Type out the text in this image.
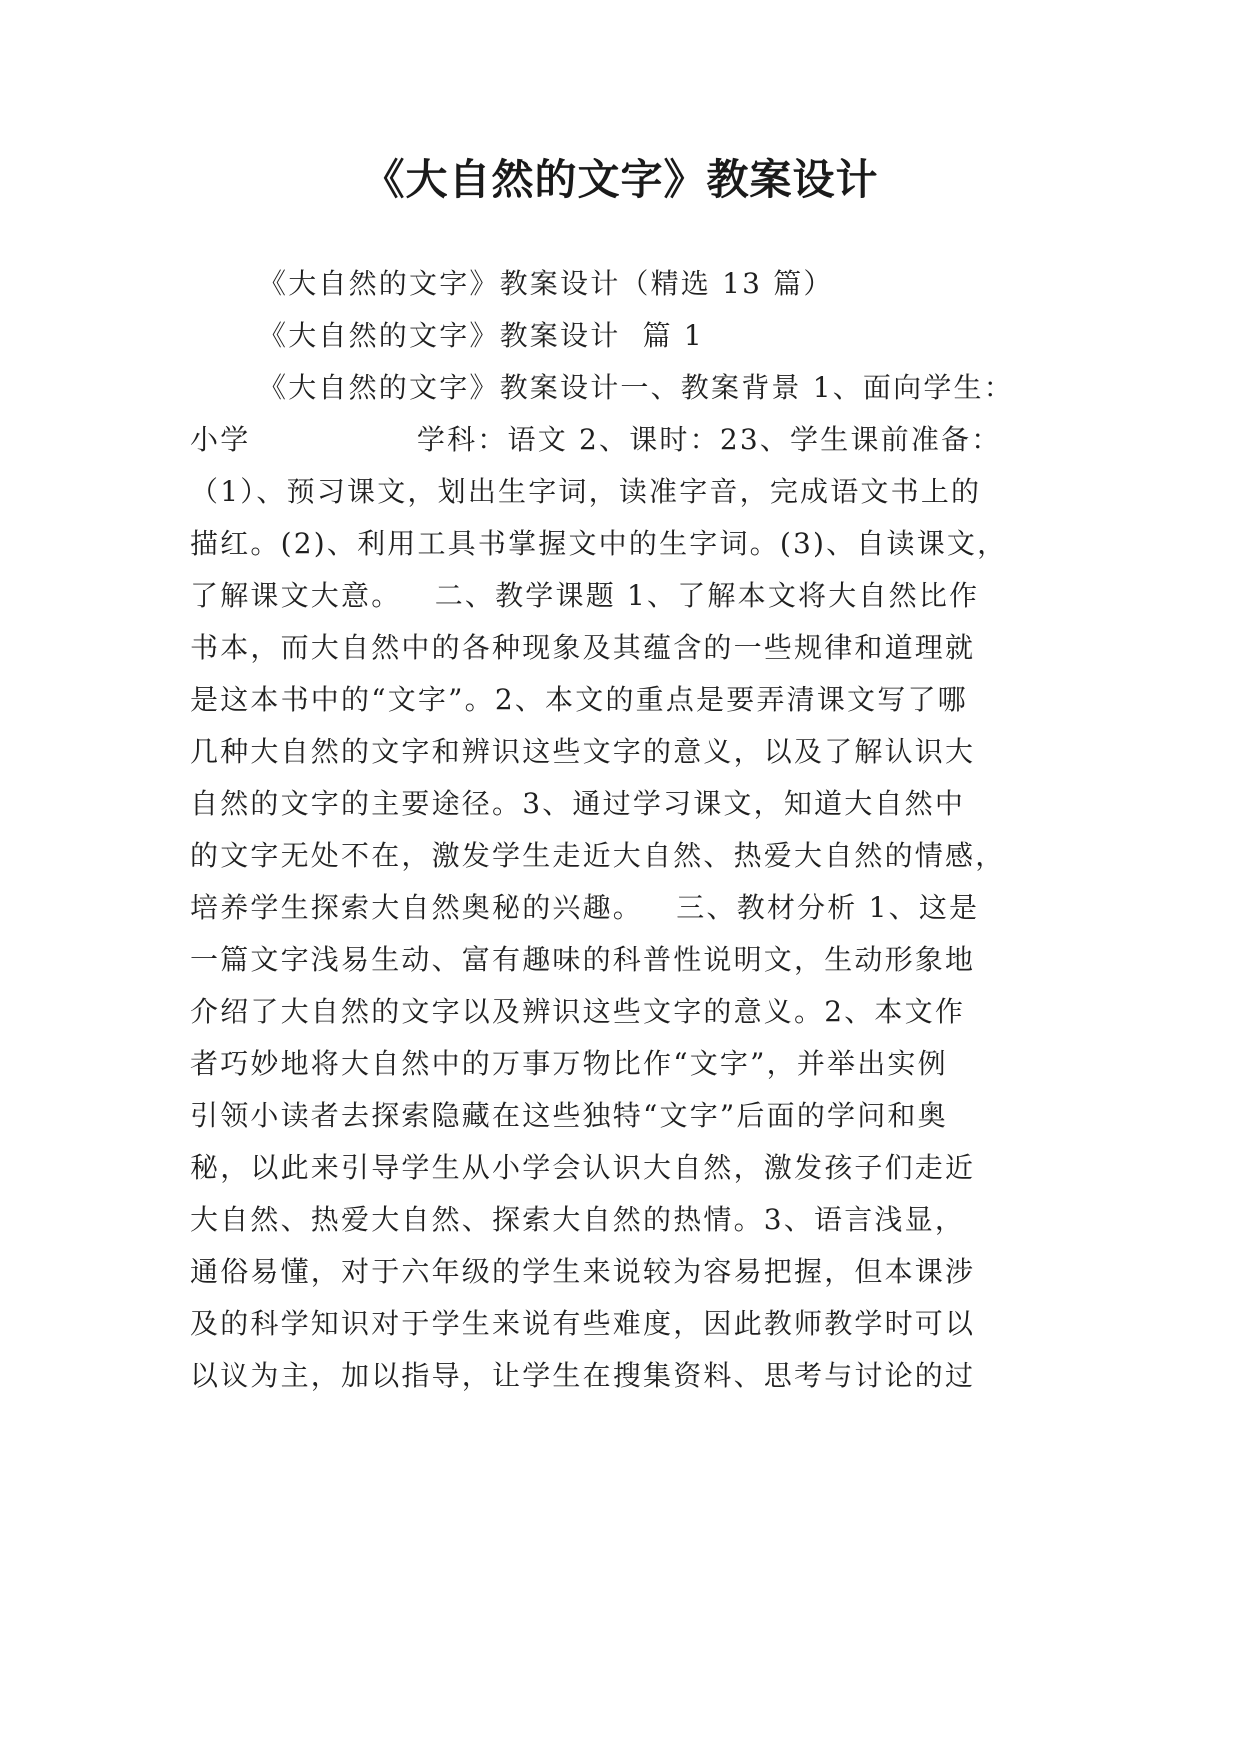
《大自然的文字》教案设计
《大自然的文字》教案设计（精选 13 篇）
《大自然的文字》教案设计  篇 1
《大自然的文字》教案设计一、教案背景 1、面向学生：
小学               学科：语文 2、课时：23、学生课前准备：
（1）、预习课文，划出生字词，读准字音，完成语文书上的
描红。(2)、利用工具书掌握文中的生字词。(3)、自读课文，
了解课文大意。   二、教学课题 1、了解本文将大自然比作
书本，而大自然中的各种现象及其蕴含的一些规律和道理就
是这本书中的“文字”。2、本文的重点是要弄清课文写了哪
几种大自然的文字和辨识这些文字的意义，以及了解认识大
自然的文字的主要途径。3、通过学习课文，知道大自然中
的文字无处不在，激发学生走近大自然、热爱大自然的情感，
培养学生探索大自然奥秘的兴趣。   三、教材分析 1、这是
一篇文字浅易生动、富有趣味的科普性说明文，生动形象地
介绍了大自然的文字以及辨识这些文字的意义。2、本文作
者巧妙地将大自然中的万事万物比作“文字”，并举出实例
引领小读者去探索隐藏在这些独特“文字”后面的学问和奥
秘，以此来引导学生从小学会认识大自然，激发孩子们走近
大自然、热爱大自然、探索大自然的热情。3、语言浅显，
通俗易懂，对于六年级的学生来说较为容易把握，但本课涉
及的科学知识对于学生来说有些难度，因此教师教学时可以
以议为主，加以指导，让学生在搜集资料、思考与讨论的过
